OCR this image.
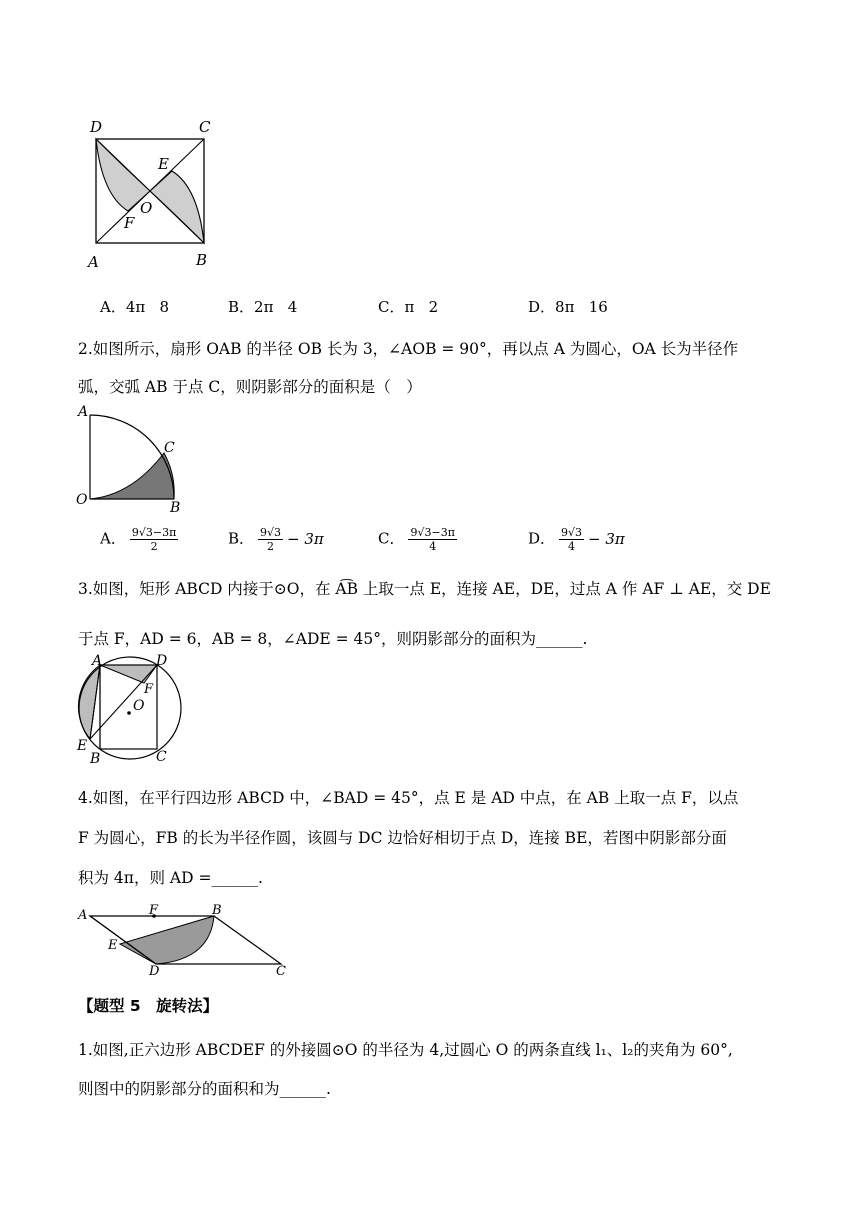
D	C
E
O
F
A	B
A．4π   8	B．2π   4	C．π   2	D．8π   16
2.如图所示，扇形 OAB 的半径 OB 长为 3，∠AOB = 90°，再以点 A 为圆心，OA 长为半径作
弧，交弧 AB 于点 C，则阴影部分的面积是（　）
A
C
O	B
A． $\frac{9√3-3\pi}{2}$	B． $\frac{9√3}{2} - 3\pi$	C． $\frac{9√3-3\pi}{4}$	D． $\frac{9√3}{4} - 3\pi$
3.如图，矩形 ABCD 内接于⊙O，在 A͡B 上取一点 E，连接 AE，DE，过点 A 作 AF ⊥ AE，交 DE
于点 F，AD = 6，AB = 8，∠ADE = 45°，则阴影部分的面积为______.
A	D
F
O
E
B	C
4.如图，在平行四边形 ABCD 中，∠BAD = 45°，点 E 是 AD 中点，在 AB 上取一点 F，以点
F 为圆心，FB 的长为半径作圆，该圆与 DC 边恰好相切于点 D，连接 BE，若图中阴影部分面
积为 4π，则 AD =______.
A	F	B
E
D	C
【题型 5　旋转法】
1.如图,正六边形 ABCDEF 的外接圆⊙O 的半径为 4,过圆心 O 的两条直线 l₁、l₂的夹角为 60°,
则图中的阴影部分的面积和为______.
